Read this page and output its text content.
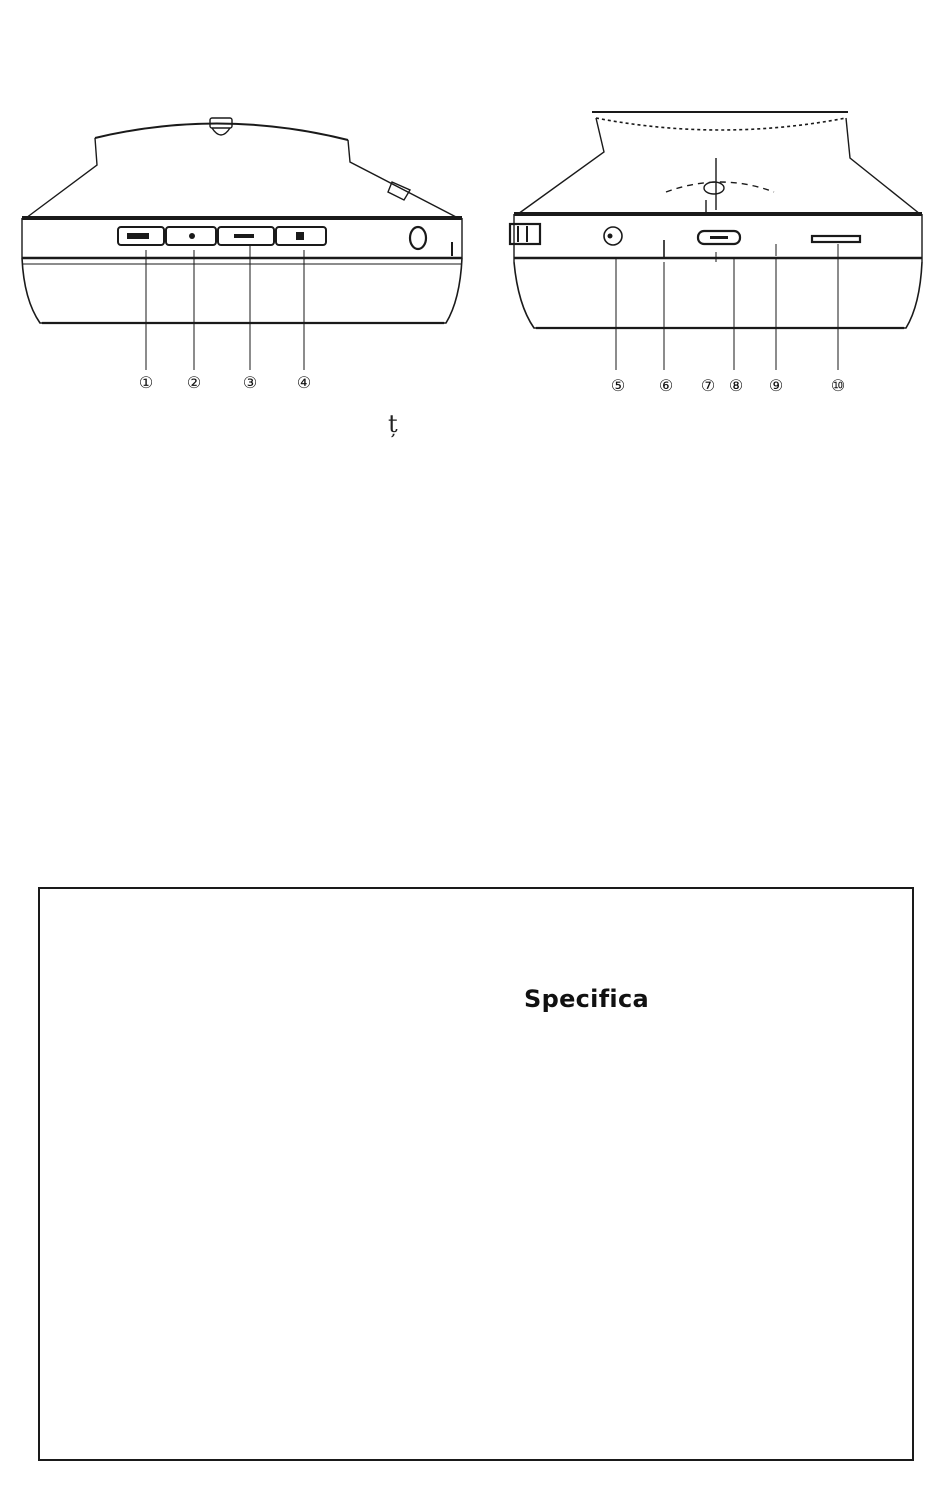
①	②	③	④	⑤	⑥	⑦ ⑧	⑨	⑩
ț
Specifica
